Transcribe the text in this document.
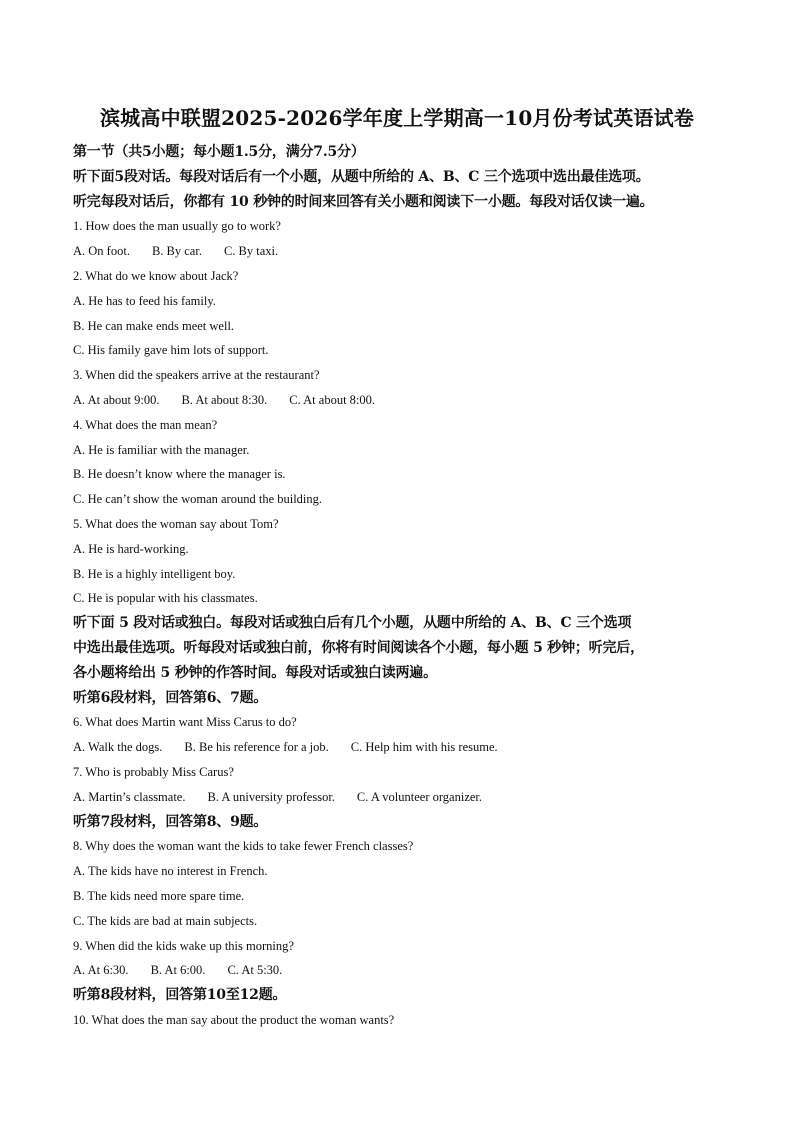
滨城高中联盟2025-2026学年度上学期高一10月份考试英语试卷
第一节（共5小题；每小题1.5分，满分7.5分）
听下面5段对话。每段对话后有一个小题，从题中所给的 A、B、C 三个选项中选出最佳选项。
听完每段对话后，你都有 10 秒钟的时间来回答有关小题和阅读下一小题。每段对话仅读一遍。
1. How does the man usually go to work?
A. On foot. B. By car. C. By taxi.
2. What do we know about Jack?
A. He has to feed his family.
B. He can make ends meet well.
C. His family gave him lots of support.
3. When did the speakers arrive at the restaurant?
A. At about 9:00. B. At about 8:30. C. At about 8:00.
4. What does the man mean?
A. He is familiar with the manager.
B. He doesn’t know where the manager is.
C. He can’t show the woman around the building.
5. What does the woman say about Tom?
A. He is hard-working.
B. He is a highly intelligent boy.
C. He is popular with his classmates.
听下面 5 段对话或独白。每段对话或独白后有几个小题，从题中所给的 A、B、C 三个选项
中选出最佳选项。听每段对话或独白前，你将有时间阅读各个小题，每小题 5 秒钟；听完后，
各小题将给出 5 秒钟的作答时间。每段对话或独白读两遍。
听第6段材料，回答第6、7题。
6. What does Martin want Miss Carus to do?
A. Walk the dogs. B. Be his reference for a job. C. Help him with his resume.
7. Who is probably Miss Carus?
A. Martin’s classmate. B. A university professor. C. A volunteer organizer.
听第7段材料，回答第8、9题。
8. Why does the woman want the kids to take fewer French classes?
A. The kids have no interest in French.
B. The kids need more spare time.
C. The kids are bad at main subjects.
9. When did the kids wake up this morning?
A. At 6:30. B. At 6:00. C. At 5:30.
听第8段材料，回答第10至12题。
10. What does the man say about the product the woman wants?
